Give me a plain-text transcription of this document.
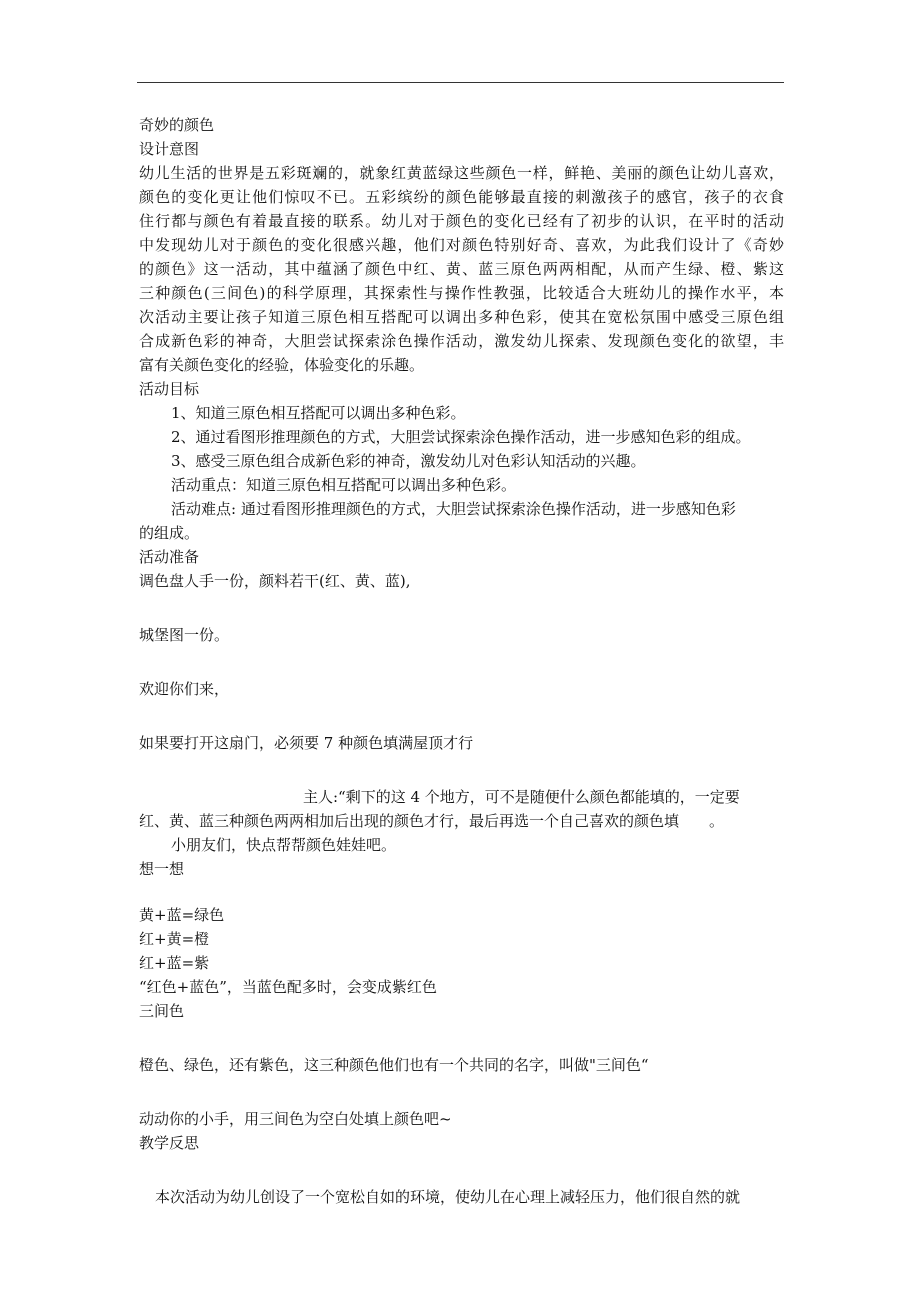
奇妙的颜色
设计意图
幼儿生活的世界是五彩斑斓的，就象红黄蓝绿这些颜色一样，鲜艳、美丽的颜色让幼儿喜欢，
颜色的变化更让他们惊叹不已。五彩缤纷的颜色能够最直接的刺激孩子的感官，孩子的衣食
住行都与颜色有着最直接的联系。幼儿对于颜色的变化已经有了初步的认识，在平时的活动
中发现幼儿对于颜色的变化很感兴趣，他们对颜色特别好奇、喜欢，为此我们设计了《奇妙
的颜色》这一活动，其中蕴涵了颜色中红、黄、蓝三原色两两相配，从而产生绿、橙、紫这
三种颜色(三间色)的科学原理，其探索性与操作性教强，比较适合大班幼儿的操作水平，本
次活动主要让孩子知道三原色相互搭配可以调出多种色彩，使其在宽松氛围中感受三原色组
合成新色彩的神奇，大胆尝试探索涂色操作活动，激发幼儿探索、发现颜色变化的欲望，丰
富有关颜色变化的经验，体验变化的乐趣。
活动目标
1、知道三原色相互搭配可以调出多种色彩。
2、通过看图形推理颜色的方式，大胆尝试探索涂色操作活动，进一步感知色彩的组成。
3、感受三原色组合成新色彩的神奇，激发幼儿对色彩认知活动的兴趣。
活动重点：知道三原色相互搭配可以调出多种色彩。
活动难点: 通过看图形推理颜色的方式，大胆尝试探索涂色操作活动，进一步感知色彩
的组成。
活动准备
调色盘人手一份，颜料若干(红、黄、蓝),
城堡图一份。
欢迎你们来，
如果要打开这扇门，必须要 7 种颜色填满屋顶才行
主人:“剩下的这 4 个地方，可不是随便什么颜色都能填的，一定要
红、黄、蓝三种颜色两两相加后出现的颜色才行，最后再选一个自己喜欢的颜色填　　。
小朋友们，快点帮帮颜色娃娃吧。
想一想
黄+蓝=绿色
红+黄=橙
红+蓝=紫
“红色+蓝色”，当蓝色配多时，会变成紫红色
三间色
橙色、绿色，还有紫色，这三种颜色他们也有一个共同的名字，叫做"三间色“
动动你的小手，用三间色为空白处填上颜色吧~
教学反思
本次活动为幼儿创设了一个宽松自如的环境，使幼儿在心理上减轻压力，他们很自然的就
